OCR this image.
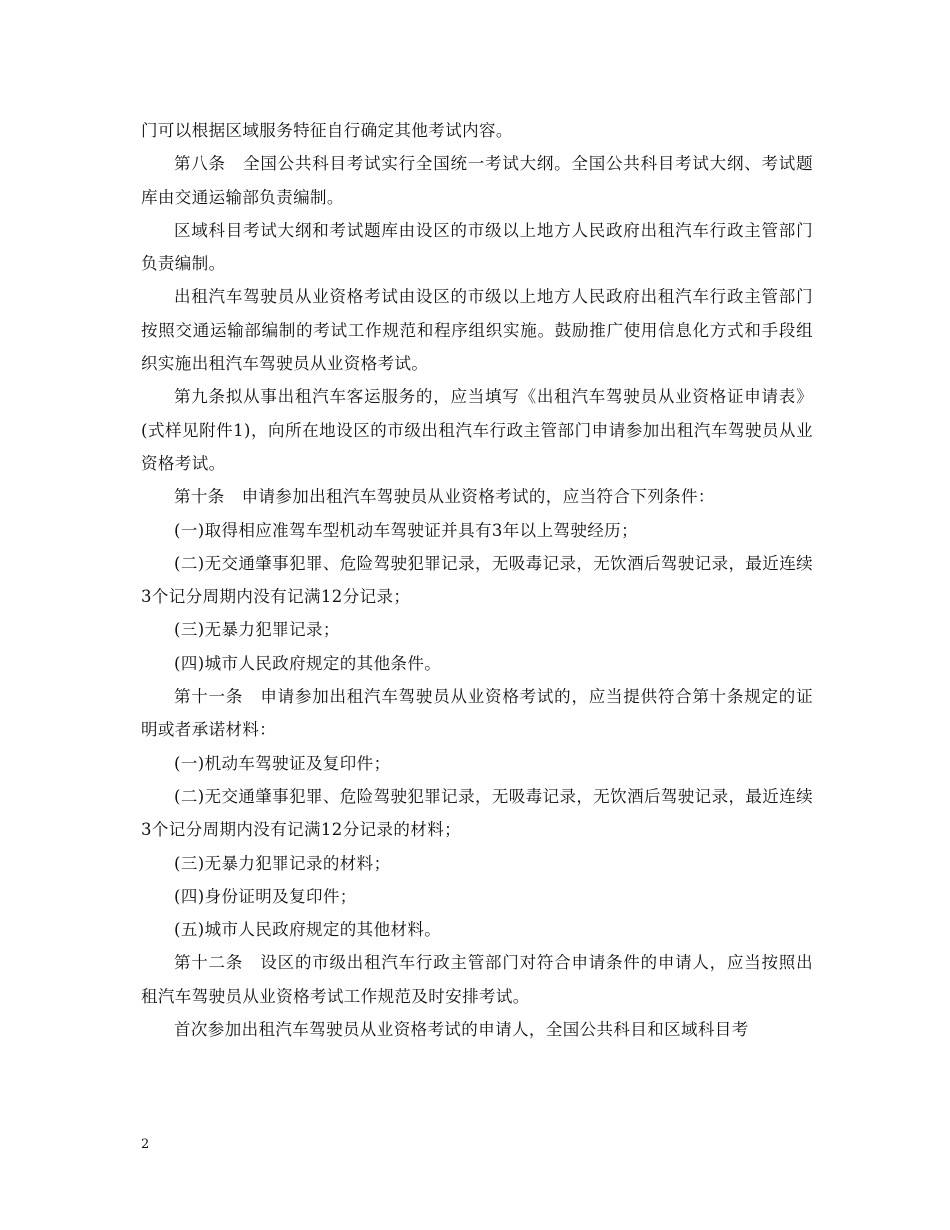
门可以根据区域服务特征自行确定其他考试内容。

第八条　全国公共科目考试实行全国统一考试大纲。全国公共科目考试大纲、考试题库由交通运输部负责编制。

区域科目考试大纲和考试题库由设区的市级以上地方人民政府出租汽车行政主管部门负责编制。

出租汽车驾驶员从业资格考试由设区的市级以上地方人民政府出租汽车行政主管部门按照交通运输部编制的考试工作规范和程序组织实施。鼓励推广使用信息化方式和手段组织实施出租汽车驾驶员从业资格考试。

第九条拟从事出租汽车客运服务的，应当填写《出租汽车驾驶员从业资格证申请表》(式样见附件1)，向所在地设区的市级出租汽车行政主管部门申请参加出租汽车驾驶员从业资格考试。

第十条　申请参加出租汽车驾驶员从业资格考试的，应当符合下列条件：

(一)取得相应准驾车型机动车驾驶证并具有3年以上驾驶经历；

(二)无交通肇事犯罪、危险驾驶犯罪记录，无吸毒记录，无饮酒后驾驶记录，最近连续3个记分周期内没有记满12分记录；

(三)无暴力犯罪记录；

(四)城市人民政府规定的其他条件。

第十一条　申请参加出租汽车驾驶员从业资格考试的，应当提供符合第十条规定的证明或者承诺材料：

(一)机动车驾驶证及复印件；

(二)无交通肇事犯罪、危险驾驶犯罪记录，无吸毒记录，无饮酒后驾驶记录，最近连续3个记分周期内没有记满12分记录的材料；

(三)无暴力犯罪记录的材料；

(四)身份证明及复印件；

(五)城市人民政府规定的其他材料。

第十二条　设区的市级出租汽车行政主管部门对符合申请条件的申请人，应当按照出租汽车驾驶员从业资格考试工作规范及时安排考试。

首次参加出租汽车驾驶员从业资格考试的申请人，全国公共科目和区域科目考

2
